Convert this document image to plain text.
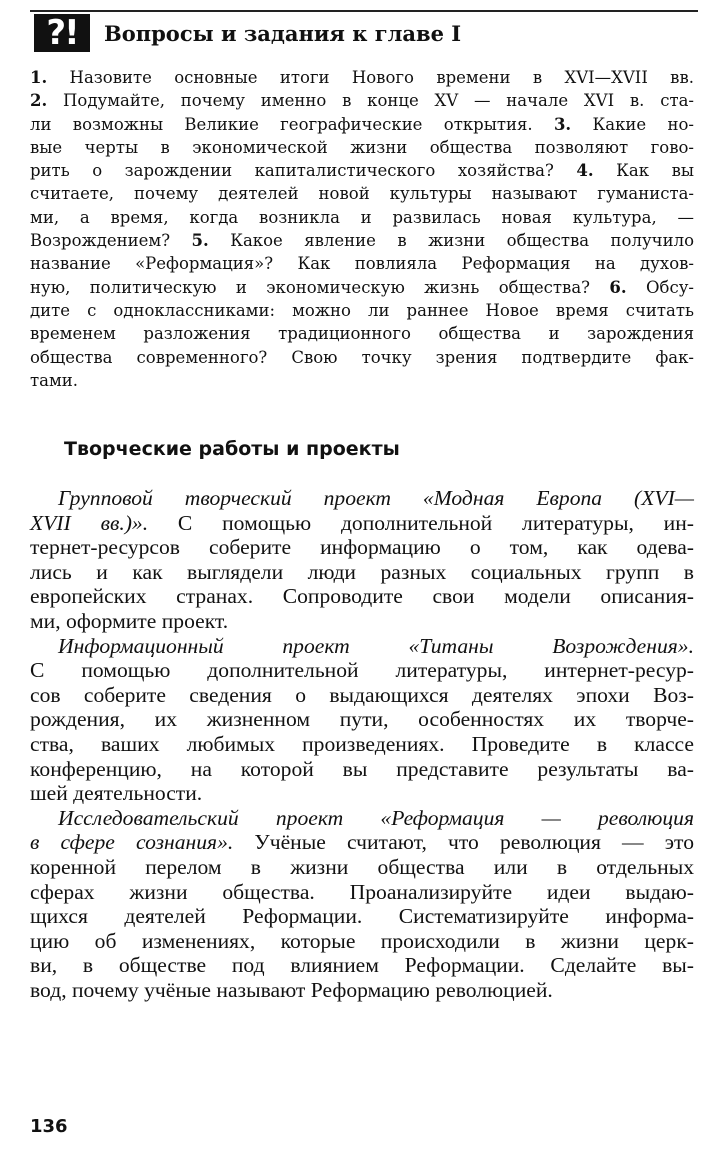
?!	Вопросы и задания к главе I
1. Назовите основные итоги Нового времени в XVI—XVII вв.
2. Подумайте, почему именно в конце XV — начале XVI в. ста-
ли возможны Великие географические открытия. 3. Какие но-
вые черты в экономической жизни общества позволяют гово-
рить о зарождении капиталистического хозяйства? 4. Как вы
считаете, почему деятелей новой культуры называют гуманиста-
ми, а время, когда возникла и развилась новая культура, —
Возрождением? 5. Какое явление в жизни общества получило
название «Реформация»? Как повлияла Реформация на духов-
ную, политическую и экономическую жизнь общества? 6. Обсу-
дите с одноклассниками: можно ли раннее Новое время считать
временем разложения традиционного общества и зарождения
общества современного? Свою точку зрения подтвердите фак-
тами.
Творческие работы и проекты
Групповой творческий проект «Модная Европа (XVI—
XVII вв.)». С помощью дополнительной литературы, ин-
тернет-ресурсов соберите информацию о том, как одева-
лись и как выглядели люди разных социальных групп в
европейских странах. Сопроводите свои модели описания-
ми, оформите проект.
Информационный проект «Титаны Возрождения».
С помощью дополнительной литературы, интернет-ресур-
сов соберите сведения о выдающихся деятелях эпохи Воз-
рождения, их жизненном пути, особенностях их творче-
ства, ваших любимых произведениях. Проведите в классе
конференцию, на которой вы представите результаты ва-
шей деятельности.
Исследовательский проект «Реформация — революция
в сфере сознания». Учёные считают, что революция — это
коренной перелом в жизни общества или в отдельных
сферах жизни общества. Проанализируйте идеи выдаю-
щихся деятелей Реформации. Систематизируйте информа-
цию об изменениях, которые происходили в жизни церк-
ви, в обществе под влиянием Реформации. Сделайте вы-
вод, почему учёные называют Реформацию революцией.
136
